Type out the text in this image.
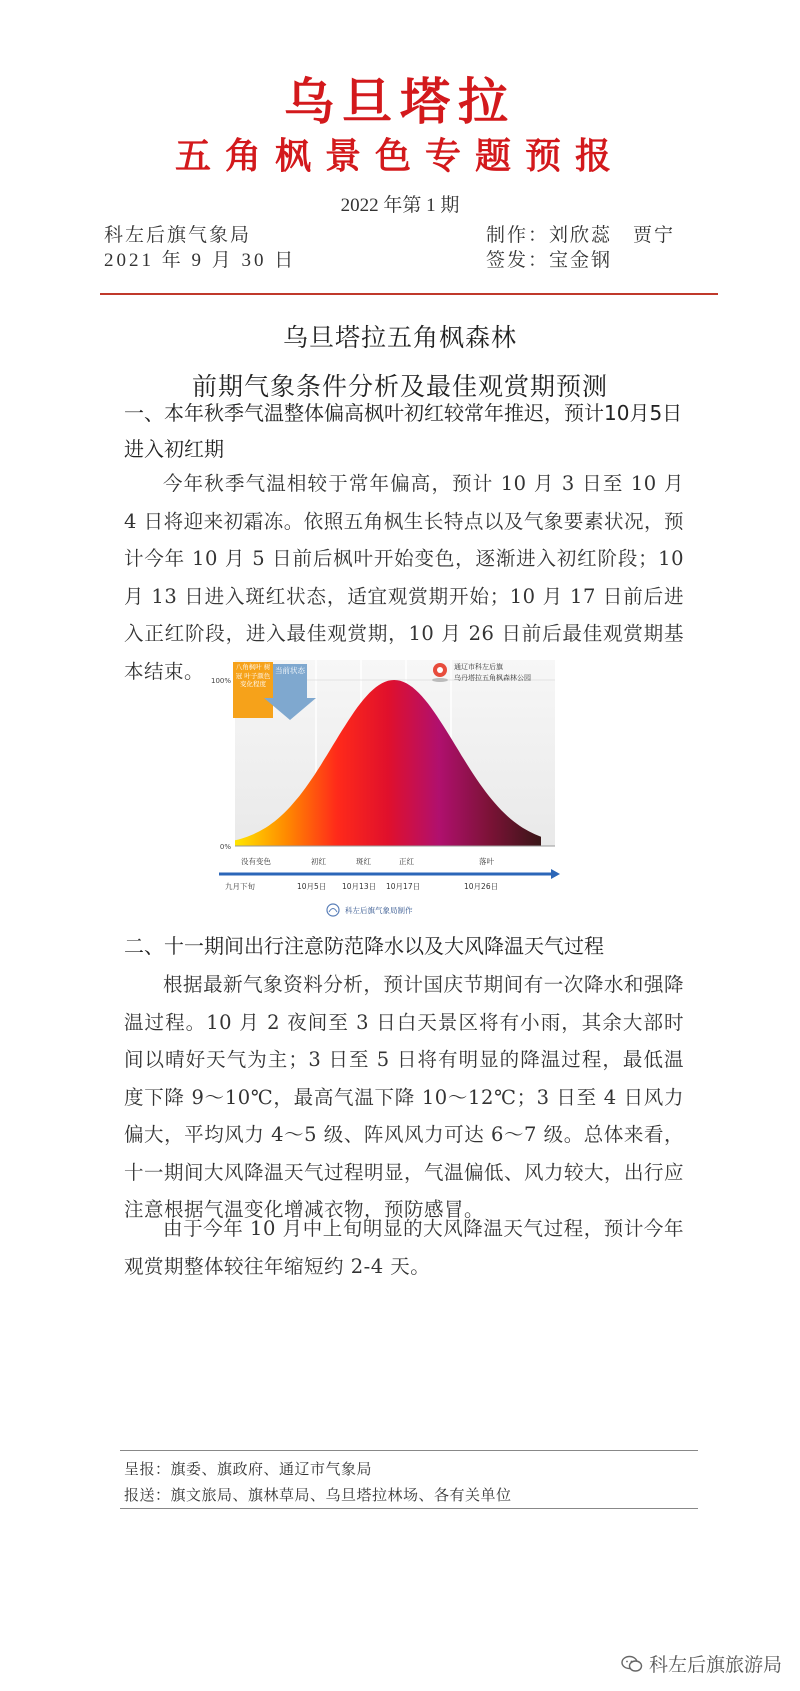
乌旦塔拉
五角枫景色专题预报
2022 年第 1 期
科左后旗气象局
2021 年 9 月 30 日
制作：刘欣蕊　贾宁
签发：宝金钢
乌旦塔拉五角枫森林
前期气象条件分析及最佳观赏期预测
一、本年秋季气温整体偏高枫叶初红较常年推迟，预计10月5日进入初红期
今年秋季气温相较于常年偏高，预计 10 月 3 日至 10 月 4 日将迎来初霜冻。依照五角枫生长特点以及气象要素状况，预计今年 10 月 5 日前后枫叶开始变色，逐渐进入初红阶段；10 月 13 日进入斑红状态，适宜观赏期开始；10 月 17 日前后进入正红阶段，进入最佳观赏期，10 月 26 日前后最佳观赏期基本结束。 100%
0%
八角枫叶 树冠 叶子颜色 变化程度
当前状态	通辽市科左后旗
乌丹塔拉五角枫森林公园
没有变色	初红	斑红	正红	落叶
九月下旬	10月5日 10月13日 10月17日	10月26日
科左后旗气象局制作
二、十一期间出行注意防范降水以及大风降温天气过程
根据最新气象资料分析，预计国庆节期间有一次降水和强降温过程。10 月 2 夜间至 3 日白天景区将有小雨，其余大部时间以晴好天气为主；3 日至 5 日将有明显的降温过程，最低温度下降 9～10℃，最高气温下降 10～12℃；3 日至 4 日风力偏大，平均风力 4～5 级、阵风风力可达 6～7 级。总体来看，十一期间大风降温天气过程明显，气温偏低、风力较大，出行应注意根据气温变化增减衣物，预防感冒。
由于今年 10 月中上旬明显的大风降温天气过程，预计今年观赏期整体较往年缩短约 2-4 天。
呈报：旗委、旗政府、通辽市气象局
报送：旗文旅局、旗林草局、乌旦塔拉林场、各有关单位
科左后旗旅游局
